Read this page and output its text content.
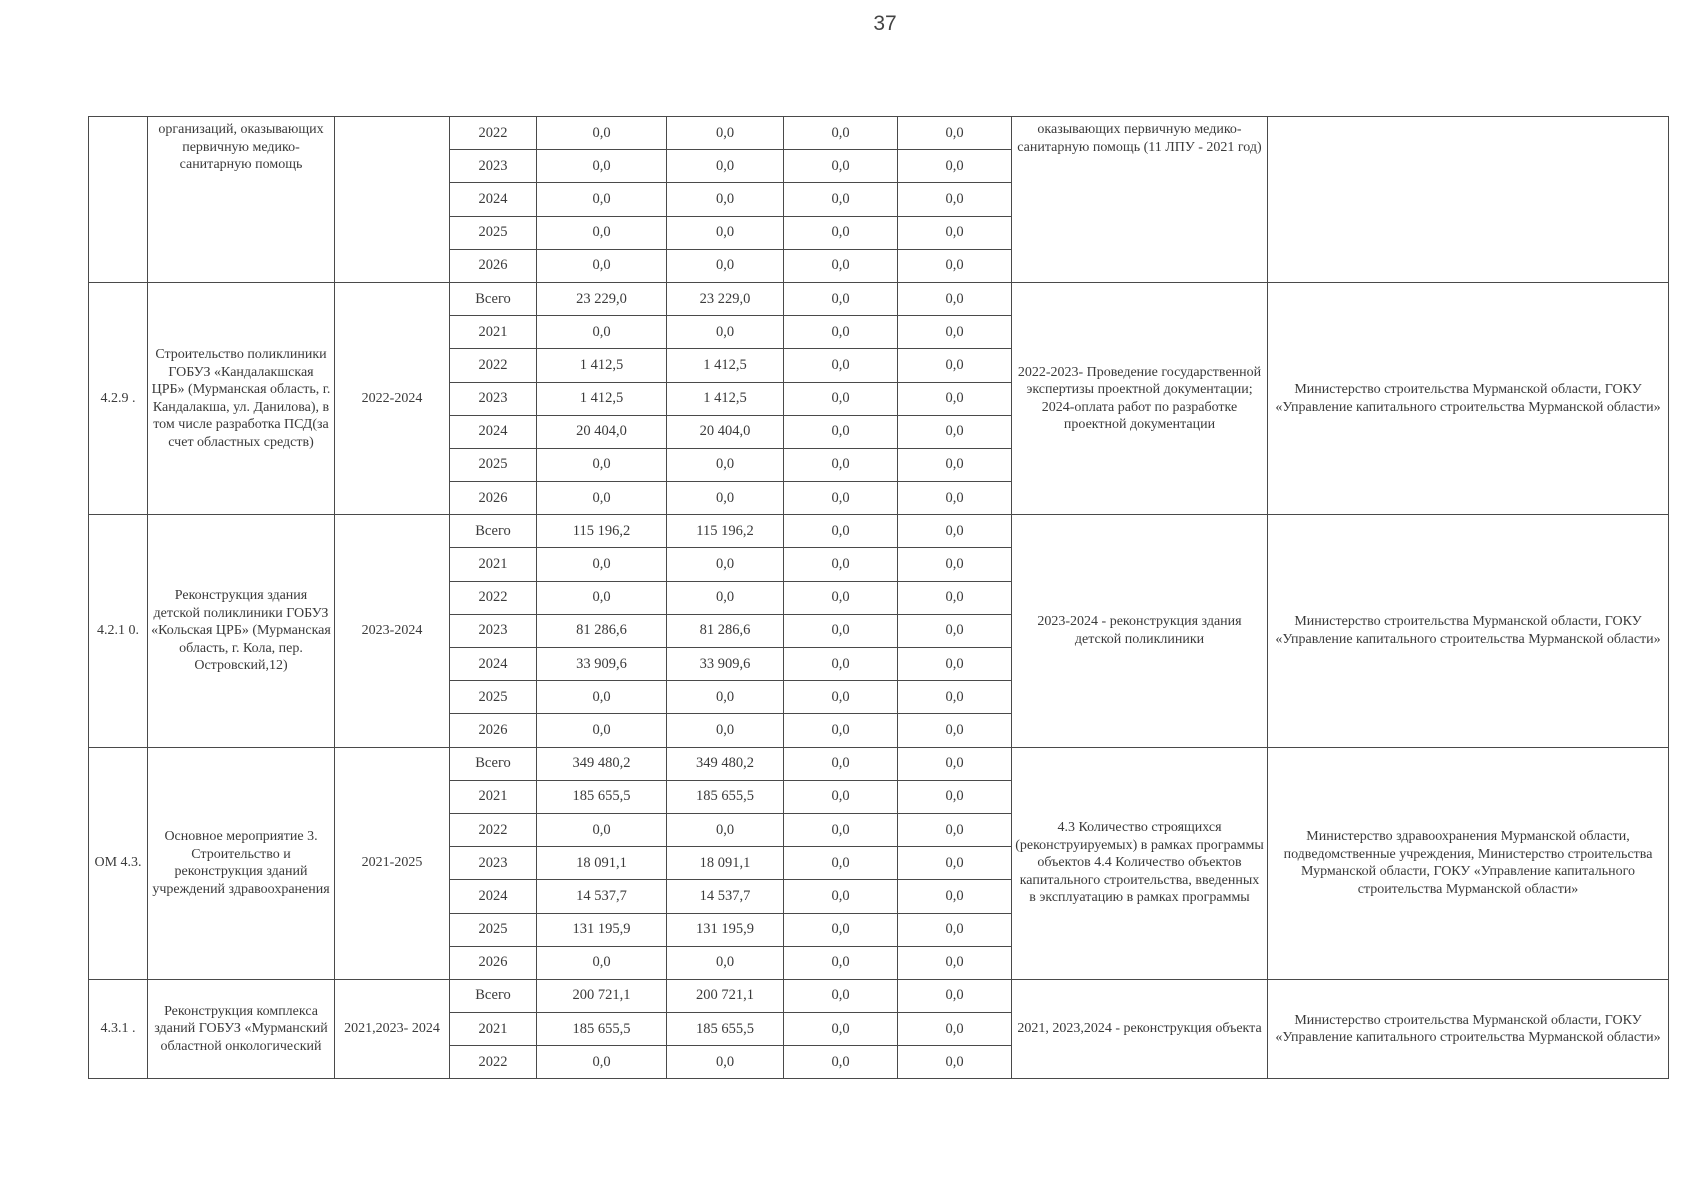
37
	организаций, оказывающих первичную медико-санитарную помощь		2022	0,0	0,0	0,0	0,0	оказывающих первичную медико-санитарную помощь (11 ЛПУ - 2021 год)	
			2023	0,0	0,0	0,0	0,0		
			2024	0,0	0,0	0,0	0,0		
			2025	0,0	0,0	0,0	0,0		
			2026	0,0	0,0	0,0	0,0		
4.2.9 .	Строительство поликлиники ГОБУЗ «Кандалакшская ЦРБ» (Мурманская область, г. Кандалакша, ул. Данилова), в том числе разработка ПСД(за счет областных средств)	2022-2024	Всего	23 229,0	23 229,0	0,0	0,0	2022-2023- Проведение государственной экспертизы проектной документации; 2024-оплата работ по разработке проектной документации	Министерство строительства Мурманской области, ГОКУ «Управление капитального строительства Мурманской области»
			2021	0,0	0,0	0,0	0,0		
			2022	1 412,5	1 412,5	0,0	0,0		
			2023	1 412,5	1 412,5	0,0	0,0		
			2024	20 404,0	20 404,0	0,0	0,0		
			2025	0,0	0,0	0,0	0,0		
			2026	0,0	0,0	0,0	0,0		
4.2.1 0.	Реконструкция здания детской поликлиники ГОБУЗ «Кольская ЦРБ» (Мурманская область, г. Кола, пер. Островский,12)	2023-2024	Всего	115 196,2	115 196,2	0,0	0,0	2023-2024 - реконструкция здания детской поликлиники	Министерство строительства Мурманской области, ГОКУ «Управление капитального строительства Мурманской области»
			2021	0,0	0,0	0,0	0,0		
			2022	0,0	0,0	0,0	0,0		
			2023	81 286,6	81 286,6	0,0	0,0		
			2024	33 909,6	33 909,6	0,0	0,0		
			2025	0,0	0,0	0,0	0,0		
			2026	0,0	0,0	0,0	0,0		
ОМ 4.3.	Основное мероприятие 3. Строительство и реконструкция зданий учреждений здравоохранения	2021-2025	Всего	349 480,2	349 480,2	0,0	0,0	4.3 Количество строящихся (реконструируемых) в рамках программы объектов 4.4 Количество объектов капитального строительства, введенных в эксплуатацию в рамках программы	Министерство здравоохранения Мурманской области, подведомственные учреждения, Министерство строительства Мурманской области, ГОКУ «Управление капитального строительства Мурманской области»
			2021	185 655,5	185 655,5	0,0	0,0		
			2022	0,0	0,0	0,0	0,0		
			2023	18 091,1	18 091,1	0,0	0,0		
			2024	14 537,7	14 537,7	0,0	0,0		
			2025	131 195,9	131 195,9	0,0	0,0		
			2026	0,0	0,0	0,0	0,0		
4.3.1 .	Реконструкция комплекса зданий ГОБУЗ «Мурманский областной онкологический	2021,2023- 2024	Всего	200 721,1	200 721,1	0,0	0,0	2021, 2023,2024 - реконструкция объекта	Министерство строительства Мурманской области, ГОКУ «Управление капитального строительства Мурманской области»
			2021	185 655,5	185 655,5	0,0	0,0		
			2022	0,0	0,0	0,0	0,0		
